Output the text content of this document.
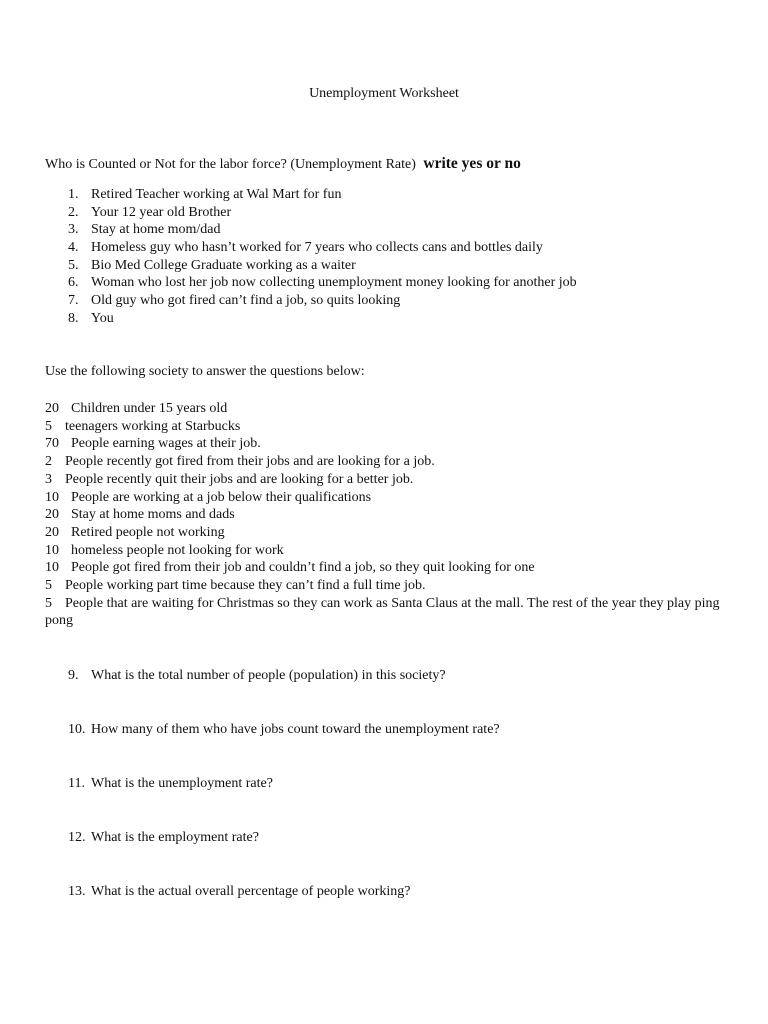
Unemployment Worksheet
Who is Counted or Not for the labor force? (Unemployment Rate) write yes or no
1. Retired Teacher working at Wal Mart for fun
2. Your 12 year old Brother
3. Stay at home mom/dad
4. Homeless guy who hasn’t worked for 7 years who collects cans and bottles daily
5. Bio Med College Graduate working as a waiter
6. Woman who lost her job now collecting unemployment money looking for another job
7. Old guy who got fired can’t find a job, so quits looking
8. You
Use the following society to answer the questions below:
20 Children under 15 years old
5 teenagers working at Starbucks
70 People earning wages at their job.
2 People recently got fired from their jobs and are looking for a job.
3 People recently quit their jobs and are looking for a better job.
10 People are working at a job below their qualifications
20 Stay at home moms and dads
20 Retired people not working
10 homeless people not looking for work
10 People got fired from their job and couldn’t find a job, so they quit looking for one
5 People working part time because they can’t find a full time job.
5 People that are waiting for Christmas so they can work as Santa Claus at the mall. The rest of the year they play ping pong
9. What is the total number of people (population) in this society?
10. How many of them who have jobs count toward the unemployment rate?
11. What is the unemployment rate?
12. What is the employment rate?
13. What is the actual overall percentage of people working?
